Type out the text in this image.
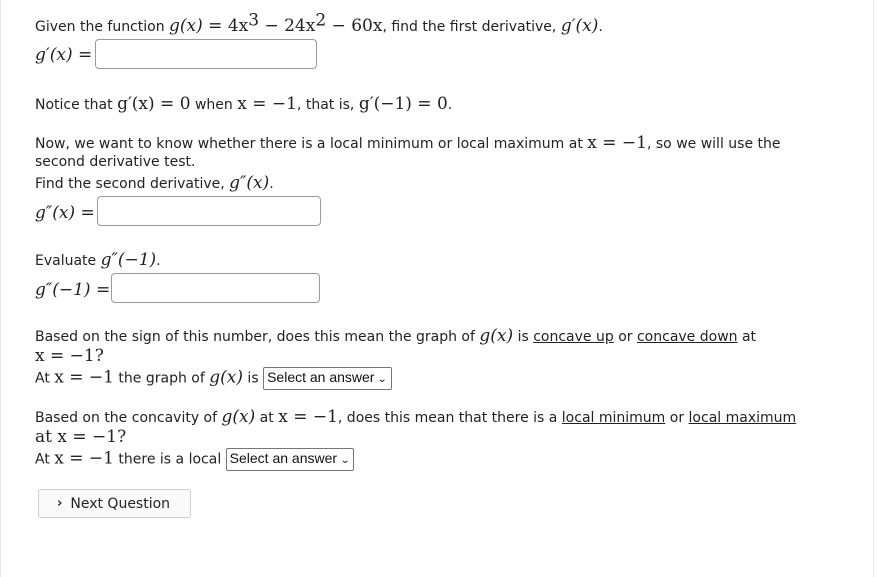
Given the function $g(x) = 4x^3 - 24x^2 - 60x$, find the first derivative, g′(x).
g′(x) =
Notice that g′(x) = 0 when x = −1, that is, g′(−1) = 0.
Now, we want to know whether there is a local minimum or local maximum at x = −1, so we will use the
second derivative test.
Find the second derivative, g″(x).
g″(x) =
Evaluate g″(−1).
g″(−1) =
Based on the sign of this number, does this mean the graph of g(x) is concave up or concave down at
x = −1?
At x = −1 the graph of g(x) is Select an answer ⌄
Based on the concavity of g(x) at x = −1, does this mean that there is a local minimum or local maximum
at x = −1?
At x = −1 there is a local Select an answer ⌄
› Next Question
